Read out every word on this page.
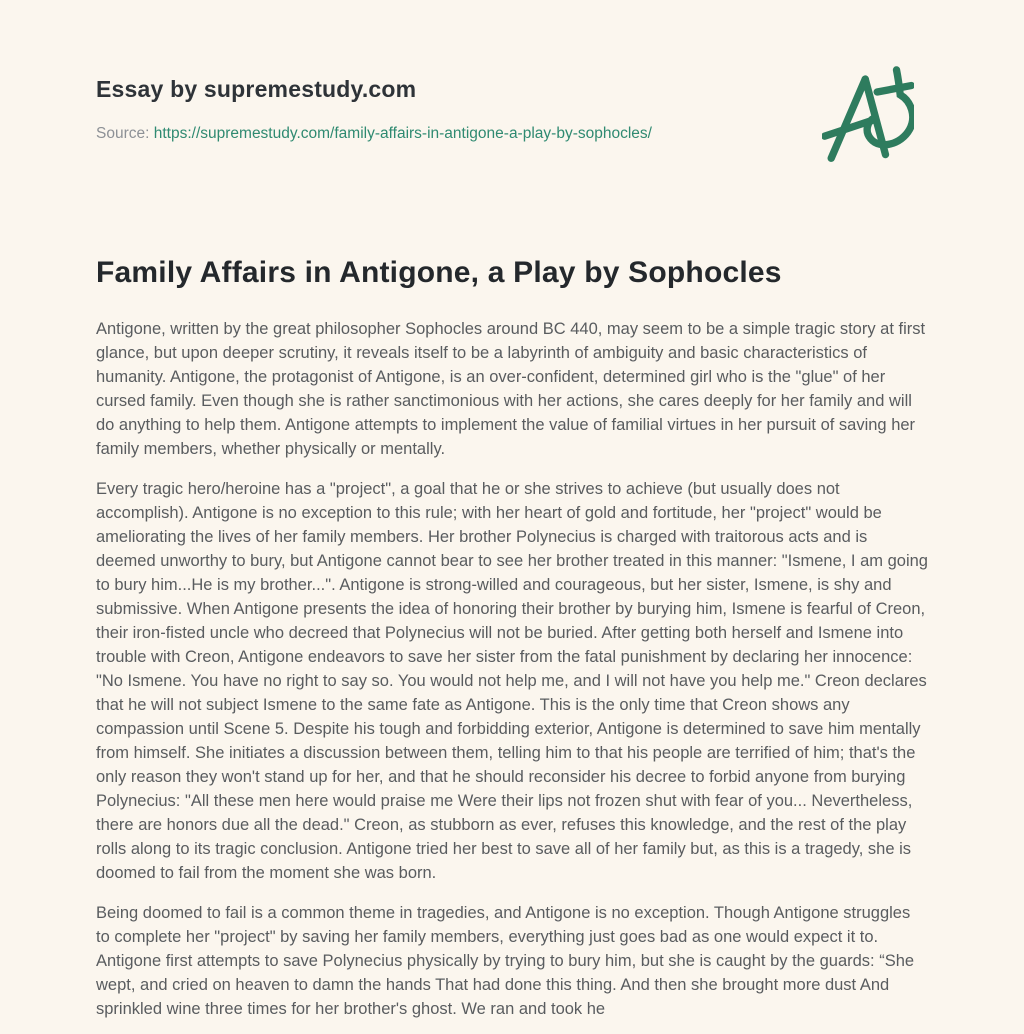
Essay by supremestudy.com

Source: https://supremestudy.com/family-affairs-in-antigone-a-play-by-sophocles/

Family Affairs in Antigone, a Play by Sophocles

Antigone, written by the great philosopher Sophocles around BC 440, may seem to be a simple tragic story at first glance, but upon deeper scrutiny, it reveals itself to be a labyrinth of ambiguity and basic characteristics of humanity. Antigone, the protagonist of Antigone, is an over-confident, determined girl who is the "glue" of her cursed family. Even though she is rather sanctimonious with her actions, she cares deeply for her family and will do anything to help them. Antigone attempts to implement the value of familial virtues in her pursuit of saving her family members, whether physically or mentally.

Every tragic hero/heroine has a "project", a goal that he or she strives to achieve (but usually does not accomplish). Antigone is no exception to this rule; with her heart of gold and fortitude, her "project" would be ameliorating the lives of her family members. Her brother Polynecius is charged with traitorous acts and is deemed unworthy to bury, but Antigone cannot bear to see her brother treated in this manner: "Ismene, I am going to bury him...He is my brother...". Antigone is strong-willed and courageous, but her sister, Ismene, is shy and submissive. When Antigone presents the idea of honoring their brother by burying him, Ismene is fearful of Creon, their iron-fisted uncle who decreed that Polynecius will not be buried. After getting both herself and Ismene into trouble with Creon, Antigone endeavors to save her sister from the fatal punishment by declaring her innocence: "No Ismene. You have no right to say so. You would not help me, and I will not have you help me." Creon declares that he will not subject Ismene to the same fate as Antigone. This is the only time that Creon shows any compassion until Scene 5. Despite his tough and forbidding exterior, Antigone is determined to save him mentally from himself. She initiates a discussion between them, telling him to that his people are terrified of him; that's the only reason they won't stand up for her, and that he should reconsider his decree to forbid anyone from burying Polynecius: "All these men here would praise me Were their lips not frozen shut with fear of you... Nevertheless, there are honors due all the dead." Creon, as stubborn as ever, refuses this knowledge, and the rest of the play rolls along to its tragic conclusion. Antigone tried her best to save all of her family but, as this is a tragedy, she is doomed to fail from the moment she was born.

Being doomed to fail is a common theme in tragedies, and Antigone is no exception. Though Antigone struggles to complete her "project" by saving her family members, everything just goes bad as one would expect it to. Antigone first attempts to save Polynecius physically by trying to bury him, but she is caught by the guards: “She wept, and cried on heaven to damn the hands That had done this thing. And then she brought more dust And sprinkled wine three times for her brother's ghost. We ran and took he
